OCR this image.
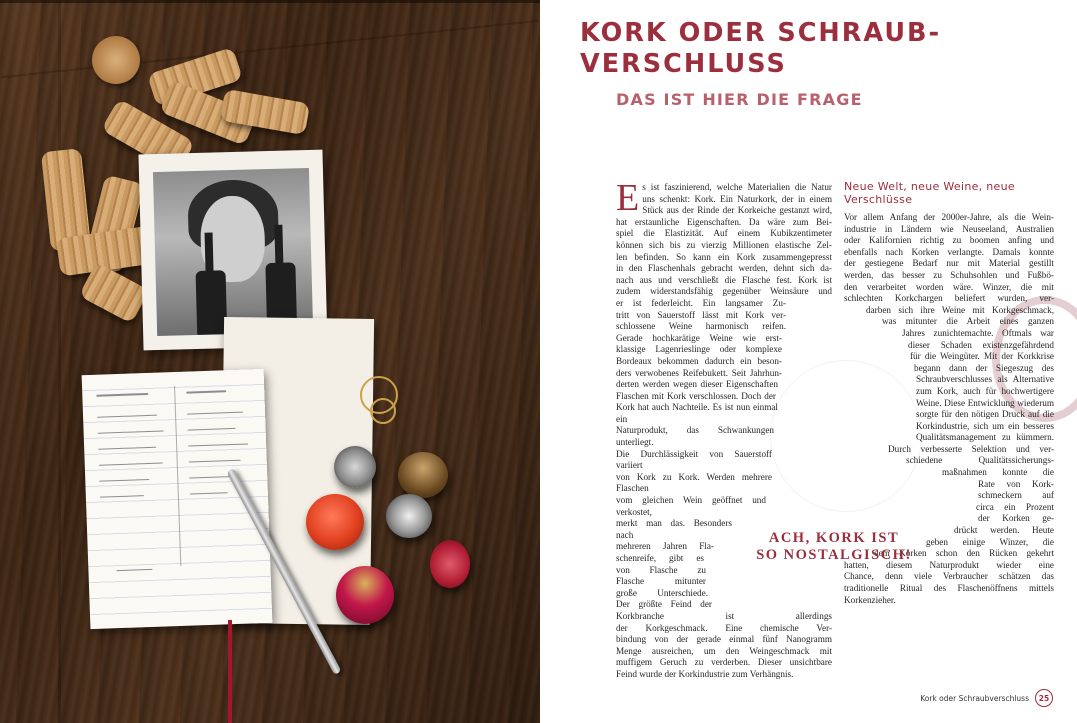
KORK ODER SCHRAUB-
VERSCHLUSS
DAS IST HIER DIE FRAGE
E s ist faszinierend, welche Materialien die Natur

uns schenkt: Kork. Ein Naturkork, der in einem

Stück aus der Rinde der Korkeiche gestanzt wird,

hat erstaunliche Eigenschaften. Da wäre zum Bei-

spiel die Elastizität. Auf einem Kubikzentimeter

können sich bis zu vierzig Millionen elastische Zel-

len befinden. So kann ein Kork zusammengepresst

in den Flaschenhals gebracht werden, dehnt sich da-

nach aus und verschließt die Flasche fest. Kork ist

zudem widerstandsfähig gegenüber Weinsäure und

er ist federleicht. Ein langsamer Zu-

tritt von Sauerstoff lässt mit Kork ver-

schlossene Weine harmonisch reifen.

Gerade hochkarätige Weine wie erst-

klassige Lagenrieslinge oder komplexe

Bordeaux bekommen dadurch ein beson-

ders verwobenes Reifebukett. Seit Jahrhun-

derten werden wegen dieser Eigenschaften

Flaschen mit Kork verschlossen. Doch der

Kork hat auch Nachteile. Es ist nun einmal ein

Naturprodukt, das Schwankungen unterliegt.

Die Durchlässigkeit von Sauerstoff variiert

von Kork zu Kork. Werden mehrere Flaschen

vom gleichen Wein geöffnet und verkostet,

merkt man das. Besonders nach

mehreren Jahren Fla-

schenreife, gibt es

von Flasche zu

Flasche mitunter

große Unterschiede.

Der größte Feind der

Korkbranche ist allerdings

der Korkgeschmack. Eine chemische Ver-

bindung von der gerade einmal fünf Nanogramm

Menge ausreichen, um den Weingeschmack mit

muffigem Geruch zu verderben. Dieser unsichtbare

Feind wurde der Korkindustrie zum Verhängnis.

Neue Welt, neue Weine, neue Verschlüsse

Vor allem Anfang der 2000er-Jahre, als die Wein-

industrie in Ländern wie Neuseeland, Australien

oder Kalifornien richtig zu boomen anfing und

ebenfalls nach Korken verlangte. Damals konnte

der gestiegene Bedarf nur mit Material gestillt

werden, das besser zu Schuhsohlen und Fußbö-

den verarbeitet worden wäre. Winzer, die mit

schlechten Korkchargen beliefert wurden, ver-

darben sich ihre Weine mit Korkgeschmack,

was mitunter die Arbeit eines ganzen

Jahres zunichtemachte. Oftmals war

dieser Schaden existenzgefährdend

für die Weingüter. Mit der Korkkrise

begann dann der Siegeszug des

Schraubverschlusses als Alternative

zum Kork, auch für hochwertigere

Weine. Diese Entwicklung wiederum

sorgte für den nötigen Druck auf die

Korkindustrie, sich um ein besseres

Qualitätsmanagement zu kümmern.

Durch verbesserte Selektion und ver-

schiedene Qualitätssicherungs-

maßnahmen konnte die

Rate von Kork-

schmeckern auf

circa ein Prozent

der Korken ge-

drückt werden. Heute

geben einige Winzer, die

dem Korken schon den Rücken gekehrt

hatten, diesem Naturprodukt wieder eine

Chance, denn viele Verbraucher schätzen das

traditionelle Ritual des Flaschenöffnens mittels

Korkenzieher.

ACH, KORK IST
SO NOSTALGISCH!
Kork oder Schraubverschluss	25
